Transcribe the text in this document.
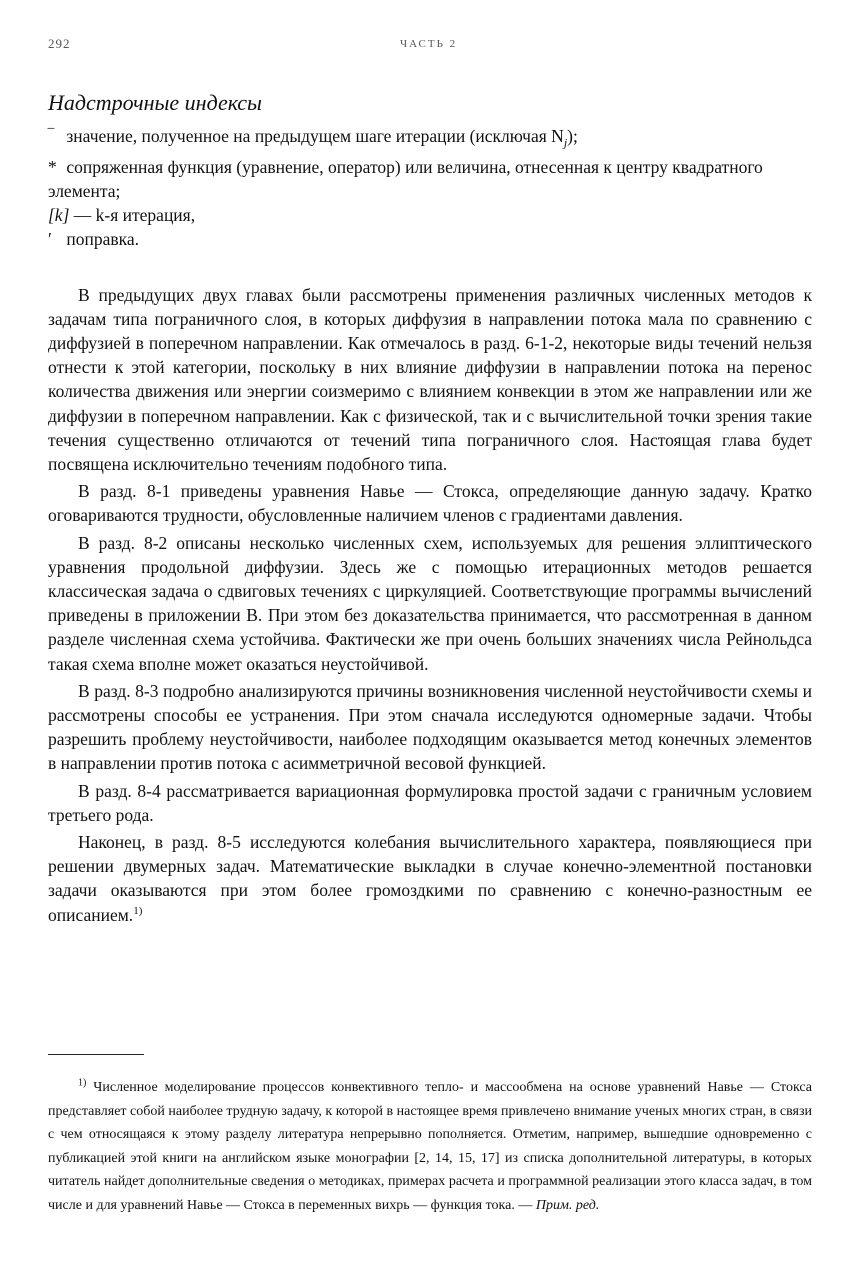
292	ЧАСТЬ 2
Надстрочные индексы
‾ значение, полученное на предыдущем шаге итерации (исключая $N_j$);
* сопряженная функция (уравнение, оператор) или величина, отнесенная к центру квадратного элемента;
[k] — k-я итерация,
′ поправка.

В предыдущих двух главах были рассмотрены применения различных численных методов к задачам типа пограничного слоя, в которых диффузия в направлении потока мала по сравнению с диффузией в поперечном направлении. Как отмечалось в разд. 6-1-2, некоторые виды течений нельзя отнести к этой категории, поскольку в них влияние диффузии в направлении потока на перенос количества движения или энергии соизмеримо с влиянием конвекции в этом же направлении или же диффузии в поперечном направлении. Как с физической, так и с вычислительной точки зрения такие течения существенно отличаются от течений типа пограничного слоя. Настоящая глава будет посвящена исключительно течениям подобного типа.

В разд. 8-1 приведены уравнения Навье — Стокса, определяющие данную задачу. Кратко оговариваются трудности, обусловленные наличием членов с градиентами давления.

В разд. 8-2 описаны несколько численных схем, используемых для решения эллиптического уравнения продольной диффузии. Здесь же с помощью итерационных методов решается классическая задача о сдвиговых течениях с циркуляцией. Соответствующие программы вычислений приведены в приложении В. При этом без доказательства принимается, что рассмотренная в данном разделе численная схема устойчива. Фактически же при очень больших значениях числа Рейнольдса такая схема вполне может оказаться неустойчивой.

В разд. 8-3 подробно анализируются причины возникновения численной неустойчивости схемы и рассмотрены способы ее устранения. При этом сначала исследуются одномерные задачи. Чтобы разрешить проблему неустойчивости, наиболее подходящим оказывается метод конечных элементов в направлении против потока с асимметричной весовой функцией.

В разд. 8-4 рассматривается вариационная формулировка простой задачи с граничным условием третьего рода.

Наконец, в разд. 8-5 исследуются колебания вычислительного характера, появляющиеся при решении двумерных задач. Математические выкладки в случае конечно-элементной постановки задачи оказываются при этом более громоздкими по сравнению с конечно-разностным ее описанием.$^{1)}$

$^{1)}$ Численное моделирование процессов конвективного тепло- и массообмена на основе уравнений Навье — Стокса представляет собой наиболее трудную задачу, к которой в настоящее время привлечено внимание ученых многих стран, в связи с чем относящаяся к этому разделу литература непрерывно пополняется. Отметим, например, вышедшие одновременно с публикацией этой книги на английском языке монографии [2, 14, 15, 17] из списка дополнительной литературы, в которых читатель найдет дополнительные сведения о методиках, примерах расчета и программной реализации этого класса задач, в том числе и для уравнений Навье — Стокса в переменных вихрь — функция тока. — Прим. ред.
